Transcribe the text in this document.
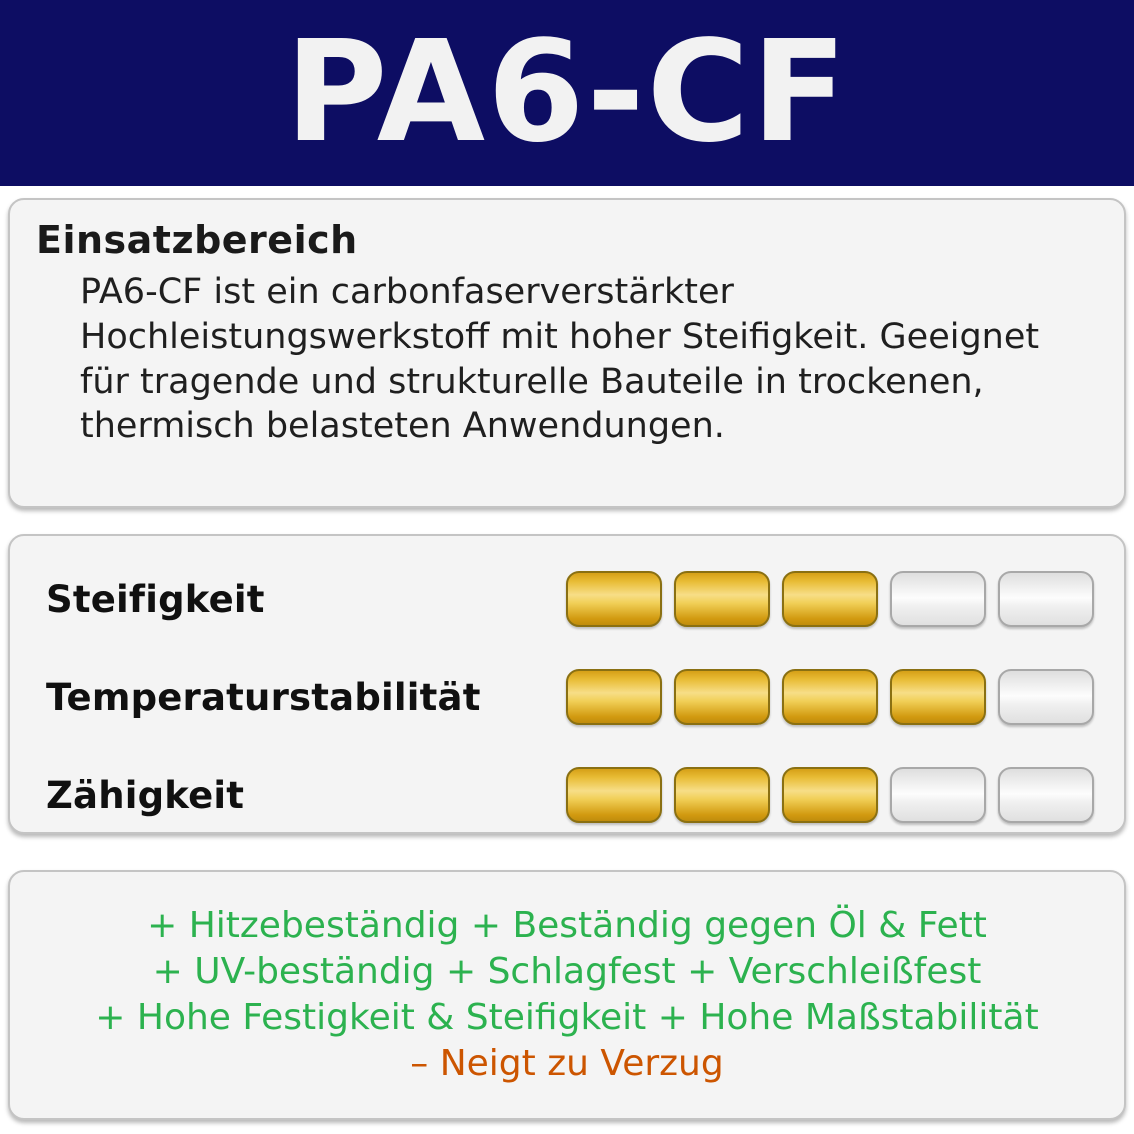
PA6-CF
Einsatzbereich
PA6-CF ist ein carbonfaserverstärkter Hochleistungswerkstoff mit hoher Steifigkeit. Geeignet für tragende und strukturelle Bauteile in trockenen, thermisch belasteten Anwendungen.
Steifigkeit
Temperaturstabilität
Zähigkeit
+ Hitzebeständig + Beständig gegen Öl & Fett
+ UV-beständig + Schlagfest + Verschleißfest
+ Hohe Festigkeit & Steifigkeit + Hohe Maßstabilität
– Neigt zu Verzug
